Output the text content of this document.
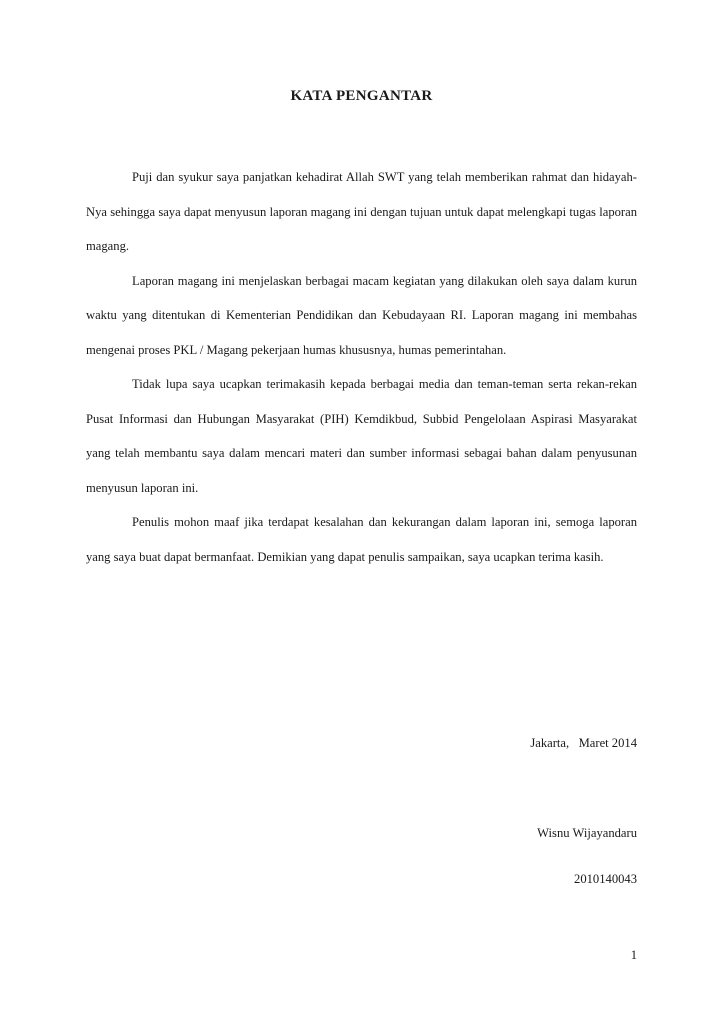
KATA PENGANTAR

Puji dan syukur saya panjatkan kehadirat Allah SWT yang telah memberikan rahmat dan hidayah-Nya sehingga saya dapat menyusun laporan magang ini dengan tujuan untuk dapat melengkapi tugas laporan magang.

Laporan magang ini menjelaskan berbagai macam kegiatan yang dilakukan oleh saya dalam kurun waktu yang ditentukan di Kementerian Pendidikan dan Kebudayaan RI. Laporan magang ini membahas mengenai proses PKL / Magang pekerjaan humas khususnya, humas pemerintahan.

Tidak lupa saya ucapkan terimakasih kepada berbagai media dan teman-teman serta rekan-rekan Pusat Informasi dan Hubungan Masyarakat (PIH) Kemdikbud, Subbid Pengelolaan Aspirasi Masyarakat yang telah membantu saya dalam mencari materi dan sumber informasi sebagai bahan dalam penyusunan menyusun laporan ini.

Penulis mohon maaf jika terdapat kesalahan dan kekurangan dalam laporan ini, semoga laporan yang saya buat dapat bermanfaat. Demikian yang dapat penulis sampaikan, saya ucapkan terima kasih.

Jakarta,   Maret 2014
Wisnu Wijayandaru
2010140043
1
